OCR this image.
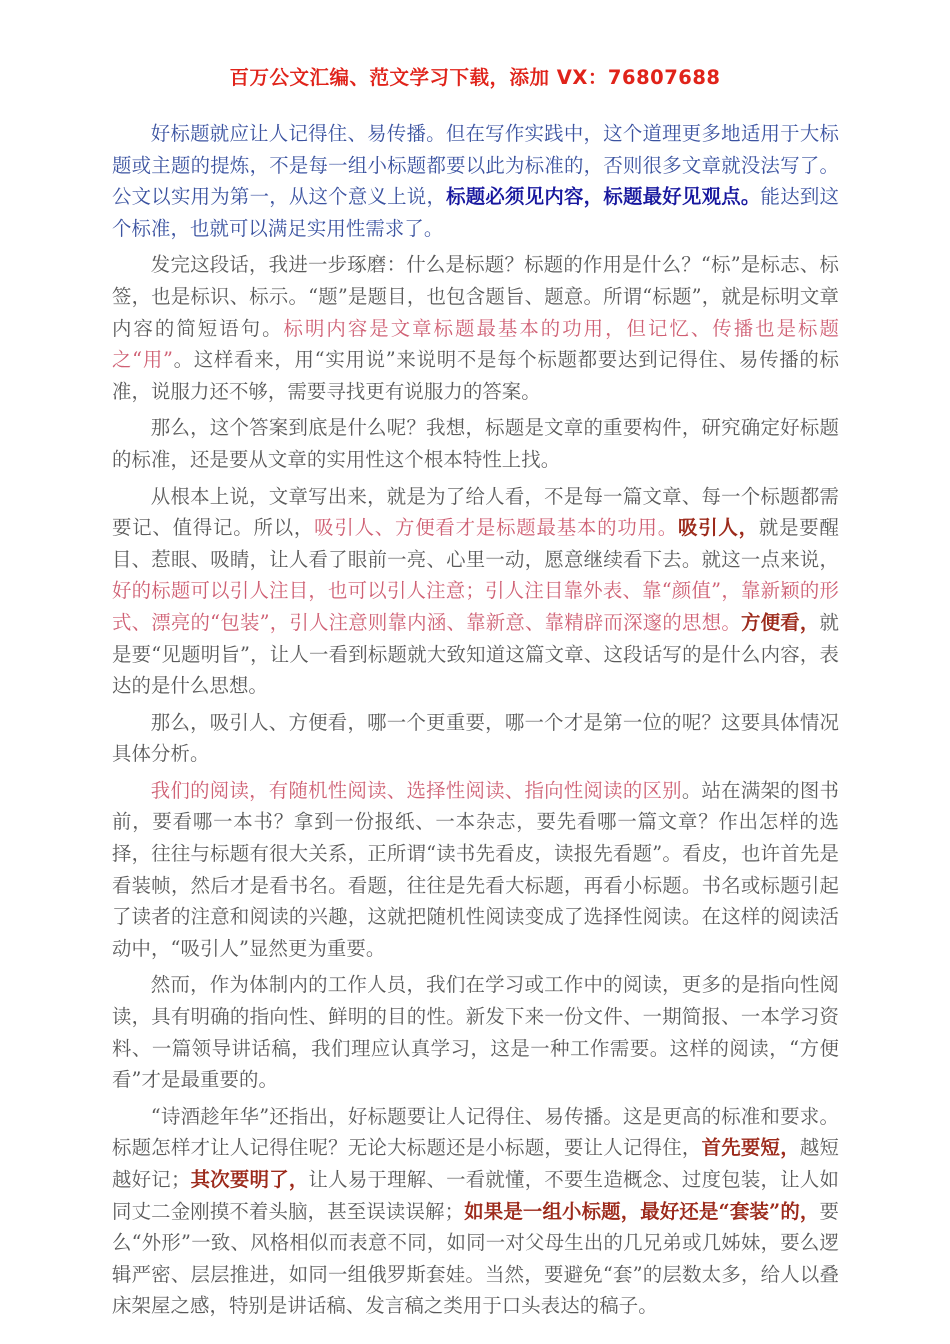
百万公文汇编、范文学习下载，添加 VX：76807688

好标题就应让人记得住、易传播。但在写作实践中，这个道理更多地适用于大标题或主题的提炼，不是每一组小标题都要以此为标准的，否则很多文章就没法写了。公文以实用为第一，从这个意义上说，标题必须见内容，标题最好见观点。能达到这个标准，也就可以满足实用性需求了。

发完这段话，我进一步琢磨：什么是标题？标题的作用是什么？“标”是标志、标签，也是标识、标示。“题”是题目，也包含题旨、题意。所谓“标题”，就是标明文章内容的简短语句。标明内容是文章标题最基本的功用，但记忆、传播也是标题之“用”。这样看来，用“实用说”来说明不是每个标题都要达到记得住、易传播的标准，说服力还不够，需要寻找更有说服力的答案。

那么，这个答案到底是什么呢？我想，标题是文章的重要构件，研究确定好标题的标准，还是要从文章的实用性这个根本特性上找。

从根本上说，文章写出来，就是为了给人看，不是每一篇文章、每一个标题都需要记、值得记。所以，吸引人、方便看才是标题最基本的功用。吸引人，就是要醒目、惹眼、吸睛，让人看了眼前一亮、心里一动，愿意继续看下去。就这一点来说，好的标题可以引人注目，也可以引人注意；引人注目靠外表、靠“颜值”，靠新颖的形式、漂亮的“包装”，引人注意则靠内涵、靠新意、靠精辟而深邃的思想。方便看，就是要“见题明旨”，让人一看到标题就大致知道这篇文章、这段话写的是什么内容，表达的是什么思想。

那么，吸引人、方便看，哪一个更重要，哪一个才是第一位的呢？这要具体情况具体分析。

我们的阅读，有随机性阅读、选择性阅读、指向性阅读的区别。站在满架的图书前，要看哪一本书？拿到一份报纸、一本杂志，要先看哪一篇文章？作出怎样的选择，往往与标题有很大关系，正所谓“读书先看皮，读报先看题”。看皮，也许首先是看装帧，然后才是看书名。看题，往往是先看大标题，再看小标题。书名或标题引起了读者的注意和阅读的兴趣，这就把随机性阅读变成了选择性阅读。在这样的阅读活动中，“吸引人”显然更为重要。

然而，作为体制内的工作人员，我们在学习或工作中的阅读，更多的是指向性阅读，具有明确的指向性、鲜明的目的性。新发下来一份文件、一期简报、一本学习资料、一篇领导讲话稿，我们理应认真学习，这是一种工作需要。这样的阅读，“方便看”才是最重要的。

“诗酒趁年华”还指出，好标题要让人记得住、易传播。这是更高的标准和要求。标题怎样才让人记得住呢？无论大标题还是小标题，要让人记得住，首先要短，越短越好记；其次要明了，让人易于理解、一看就懂，不要生造概念、过度包装，让人如同丈二金刚摸不着头脑，甚至误读误解；如果是一组小标题，最好还是“套装”的，要么“外形”一致、风格相似而表意不同，如同一对父母生出的几兄弟或几姊妹，要么逻辑严密、层层推进，如同一组俄罗斯套娃。当然，要避免“套”的层数太多，给人以叠床架屋之感，特别是讲话稿、发言稿之类用于口头表达的稿子。
